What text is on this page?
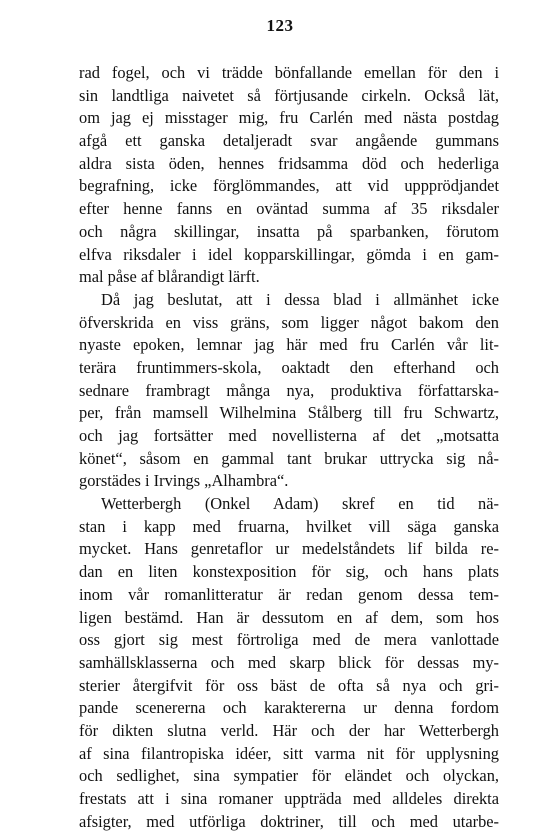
123
rad fogel, och vi trädde bönfallande emellan för den i
sin landtliga naivetet så förtjusande cirkeln. Också lät,
om jag ej misstager mig, fru Carlén med nästa postdag
afgå ett ganska detaljeradt svar angående gummans
aldra sista öden, hennes fridsamma död och hederliga
begrafning, icke förglömmandes, att vid uppprödjandet
efter henne fanns en oväntad summa af 35 riksdaler
och några skillingar, insatta på sparbanken, förutom
elfva riksdaler i idel kopparskillingar, gömda i en gam-
mal påse af blårandigt lärft.
Då jag beslutat, att i dessa blad i allmänhet icke
öfverskrida en viss gräns, som ligger något bakom den
nyaste epoken, lemnar jag här med fru Carlén vår lit-
terära fruntimmers-skola, oaktadt den efterhand och
sednare frambragt många nya, produktiva författarska-
per, från mamsell Wilhelmina Stålberg till fru Schwartz,
och jag fortsätter med novellisterna af det „motsatta
könet“, såsom en gammal tant brukar uttrycka sig nå-
gorstädes i Irvings „Alhambra“.
Wetterbergh (Onkel Adam) skref en tid nä-
stan i kapp med fruarna, hvilket vill säga ganska
mycket. Hans genretaflor ur medelståndets lif bilda re-
dan en liten konstexposition för sig, och hans plats
inom vår romanlitteratur är redan genom dessa tem-
ligen bestämd. Han är dessutom en af dem, som hos
oss gjort sig mest förtroliga med de mera vanlottade
samhällsklasserna och med skarp blick för dessas my-
sterier återgifvit för oss bäst de ofta så nya och gri-
pande scenererna och karaktererna ur denna fordom
för dikten slutna verld. Här och der har Wetterbergh
af sina filantropiska idéer, sitt varma nit för upplysning
och sedlighet, sina sympatier för eländet och olyckan,
frestats att i sina romaner uppträda med alldeles direkta
afsigter, med utförliga doktriner, till och med utarbe-
